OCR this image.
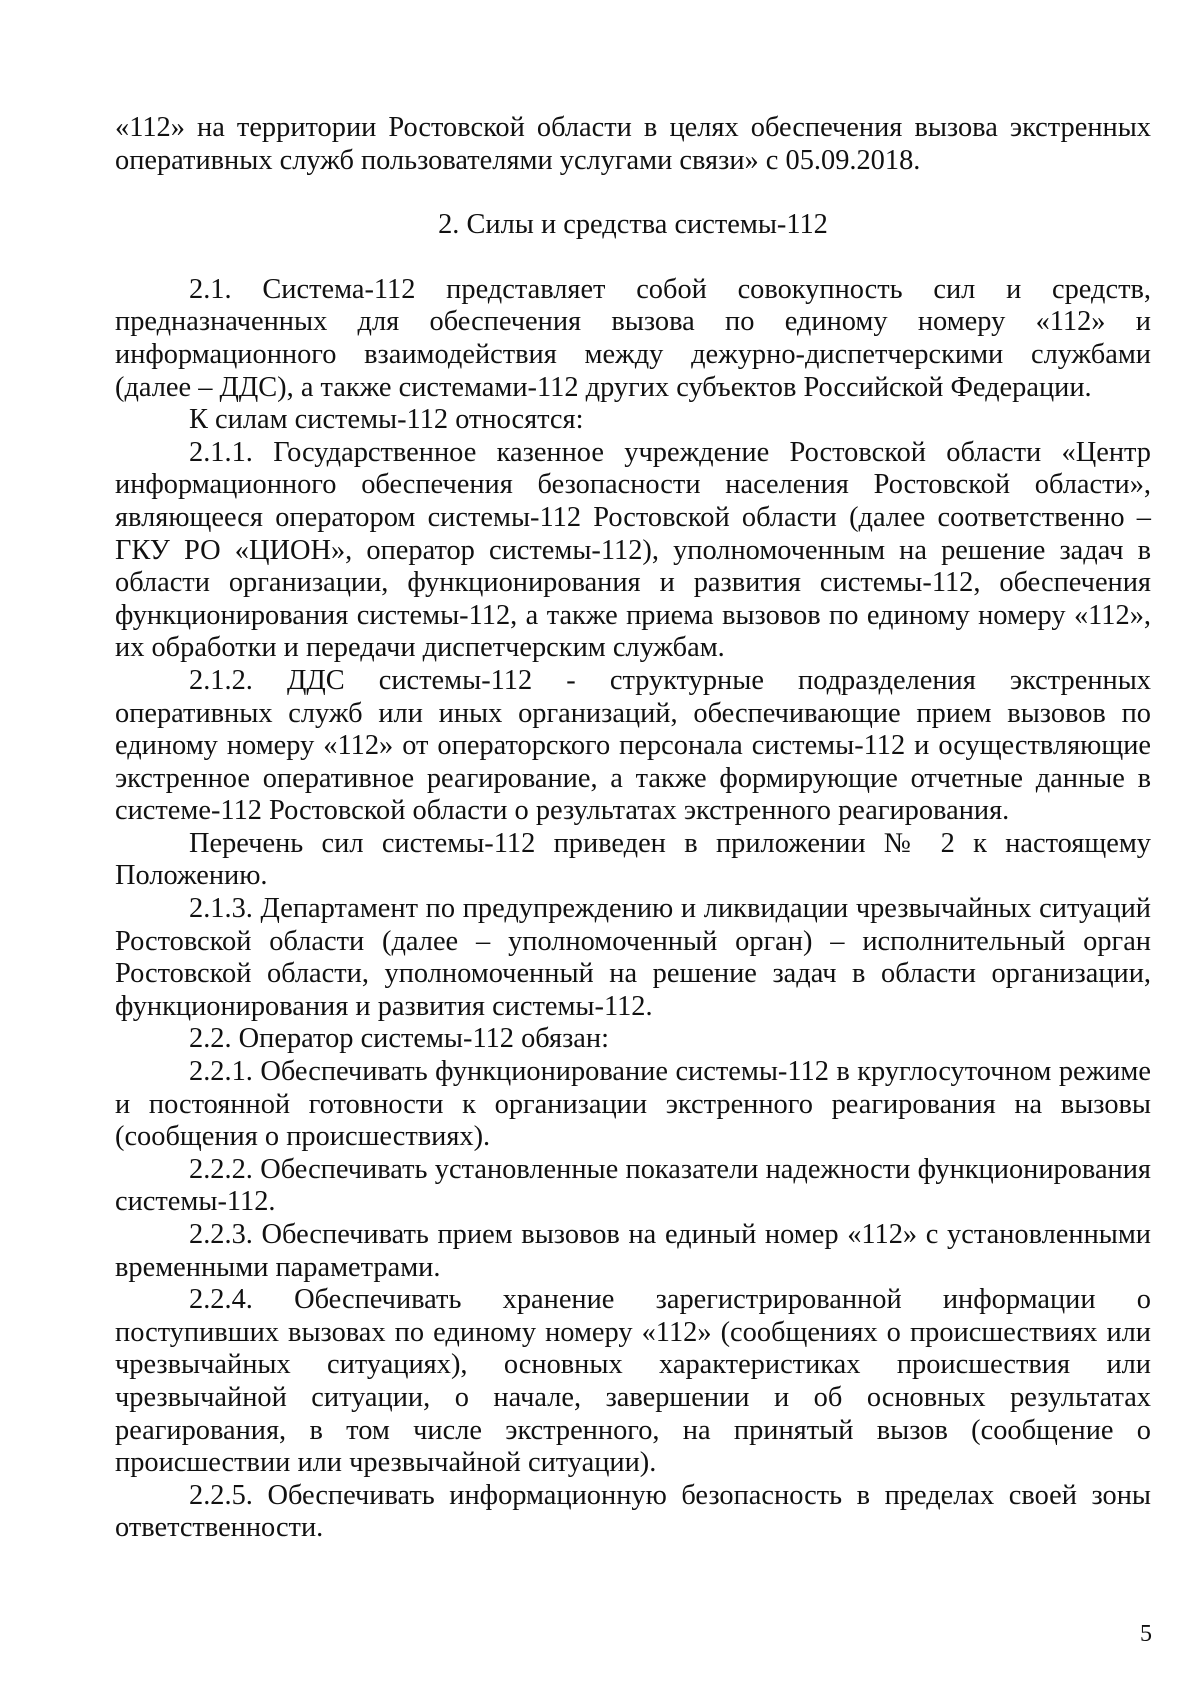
«112» на территории Ростовской области в целях обеспечения вызова экстренных оперативных служб пользователями услугами связи» с 05.09.2018.

2. Силы и средства системы-112

2.1. Система-112 представляет собой совокупность сил и средств, предназначенных для обеспечения вызова по единому номеру «112» и информационного взаимодействия между дежурно-диспетчерскими службами (далее – ДДС), а также системами-112 других субъектов Российской Федерации.

К силам системы-112 относятся:

2.1.1. Государственное казенное учреждение Ростовской области «Центр информационного обеспечения безопасности населения Ростовской области», являющееся оператором системы-112 Ростовской области (далее соответственно – ГКУ РО «ЦИОН», оператор системы-112), уполномоченным на решение задач в области организации, функционирования и развития системы-112, обеспечения функционирования системы-112, а также приема вызовов по единому номеру «112», их обработки и передачи диспетчерским службам.

2.1.2. ДДС системы-112 - структурные подразделения экстренных оперативных служб или иных организаций, обеспечивающие прием вызовов по единому номеру «112» от операторского персонала системы-112 и осуществляющие экстренное оперативное реагирование, а также формирующие отчетные данные в системе-112 Ростовской области о результатах экстренного реагирования.

Перечень сил системы-112 приведен в приложении № 2 к настоящему Положению.

2.1.3. Департамент по предупреждению и ликвидации чрезвычайных ситуаций Ростовской области (далее – уполномоченный орган) – исполнительный орган Ростовской области, уполномоченный на решение задач в области организации, функционирования и развития системы-112.

2.2. Оператор системы-112 обязан:

2.2.1. Обеспечивать функционирование системы-112 в круглосуточном режиме и постоянной готовности к организации экстренного реагирования на вызовы (сообщения о происшествиях).

2.2.2. Обеспечивать установленные показатели надежности функционирования системы-112.

2.2.3. Обеспечивать прием вызовов на единый номер «112» с установленными временными параметрами.

2.2.4. Обеспечивать хранение зарегистрированной информации о поступивших вызовах по единому номеру «112» (сообщениях о происшествиях или чрезвычайных ситуациях), основных характеристиках происшествия или чрезвычайной ситуации, о начале, завершении и об основных результатах реагирования, в том числе экстренного, на принятый вызов (сообщение о происшествии или чрезвычайной ситуации).

2.2.5. Обеспечивать информационную безопасность в пределах своей зоны ответственности.

5
